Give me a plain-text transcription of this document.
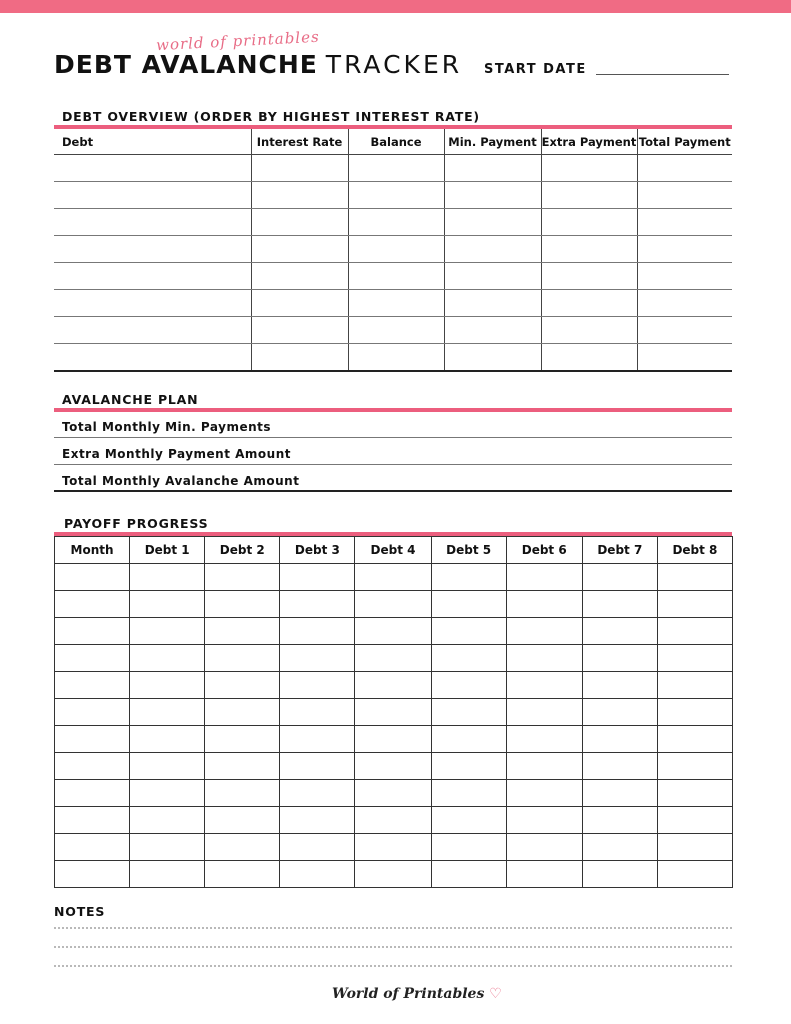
world of printables
DEBT AVALANCHE TRACKER START DATE
DEBT OVERVIEW (ORDER BY HIGHEST INTEREST RATE)
Debt	Interest Rate	Balance	Min. Payment	Extra Payment	Total Payment

AVALANCHE PLAN
Total Monthly Min. Payments
Extra Monthly Payment Amount
Total Monthly Avalanche Amount
PAYOFF PROGRESS
Month	Debt 1	Debt 2	Debt 3	Debt 4	Debt 5	Debt 6	Debt 7	Debt 8

NOTES
World of Printables ♡
